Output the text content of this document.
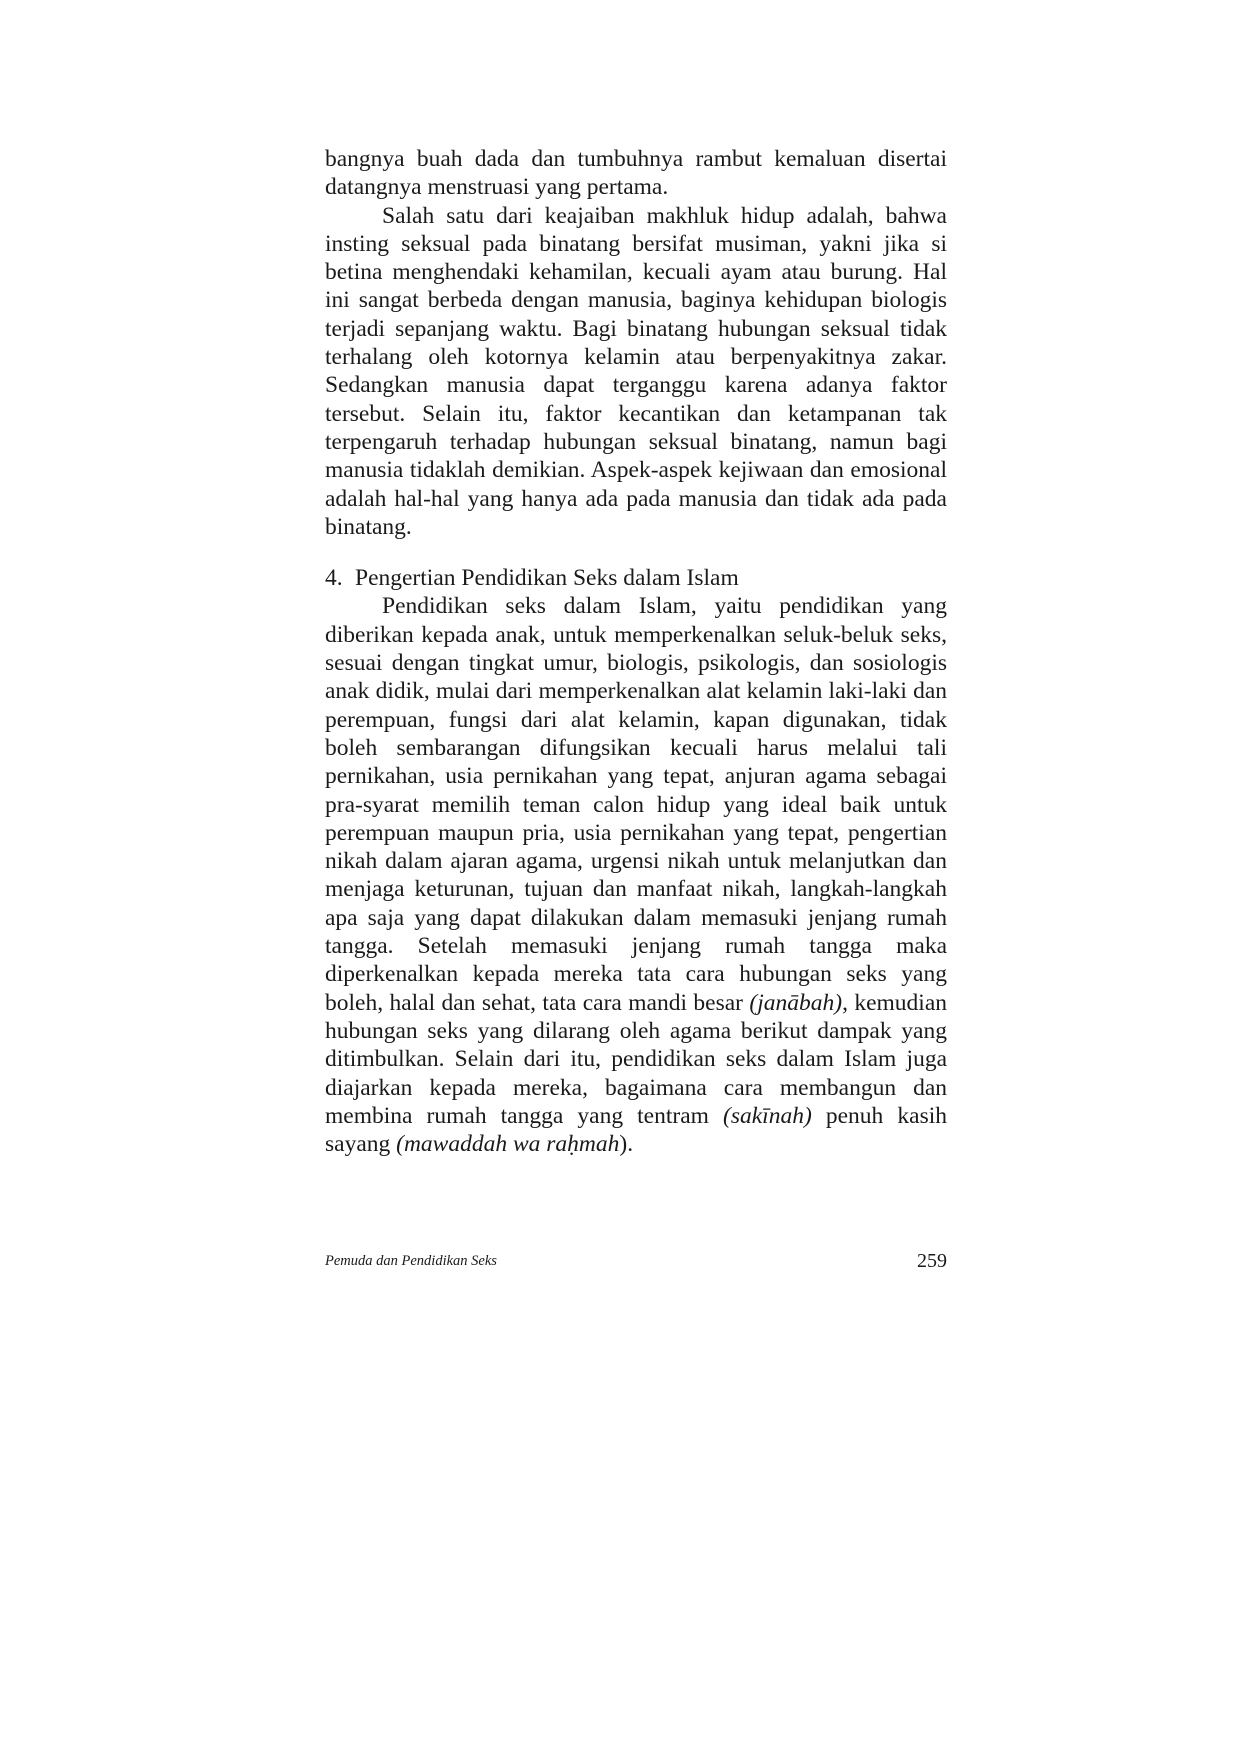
bangnya buah dada dan tumbuhnya rambut kemaluan disertai datangnya menstruasi yang pertama.

Salah satu dari keajaiban makhluk hidup adalah, bahwa insting seksual pada binatang bersifat musiman, yakni jika si betina menghendaki kehamilan, kecuali ayam atau burung. Hal ini sangat berbeda dengan manusia, baginya kehidupan biologis terjadi sepanjang waktu. Bagi binatang hubungan seksual tidak terhalang oleh kotornya kelamin atau berpenyakitnya zakar. Sedangkan manusia dapat terganggu karena adanya faktor tersebut. Selain itu, faktor kecantikan dan ketampanan tak terpengaruh terhadap hubungan seksual binatang, namun bagi manusia tidaklah demikian. Aspek-aspek kejiwaan dan emosional adalah hal-hal yang hanya ada pada manusia dan tidak ada pada binatang.

4. Pengertian Pendidikan Seks dalam Islam

Pendidikan seks dalam Islam, yaitu pendidikan yang diberikan kepada anak, untuk memperkenalkan seluk-beluk seks, sesuai dengan tingkat umur, biologis, psikologis, dan sosiologis anak didik, mulai dari memperkenalkan alat kelamin laki-laki dan perempuan, fungsi dari alat kelamin, kapan digunakan, tidak boleh sembarangan difungsikan kecuali harus melalui tali pernikahan, usia pernikahan yang tepat, anjuran agama sebagai pra-syarat memilih teman calon hidup yang ideal baik untuk perempuan maupun pria, usia pernikahan yang tepat, pengertian nikah dalam ajaran agama, urgensi nikah untuk melanjutkan dan menjaga keturunan, tujuan dan manfaat nikah, langkah-langkah apa saja yang dapat dilakukan dalam memasuki jenjang rumah tangga. Setelah memasuki jenjang rumah tangga maka diperkenalkan kepada mereka tata cara hubungan seks yang boleh, halal dan sehat, tata cara mandi besar (janābah), kemudian hubungan seks yang dilarang oleh agama berikut dampak yang ditimbulkan. Selain dari itu, pendidikan seks dalam Islam juga diajarkan kepada mereka, bagaimana cara membangun dan membina rumah tangga yang tentram (sakīnah) penuh kasih sayang (mawaddah wa raḥmah).

Pemuda dan Pendidikan Seks	259
